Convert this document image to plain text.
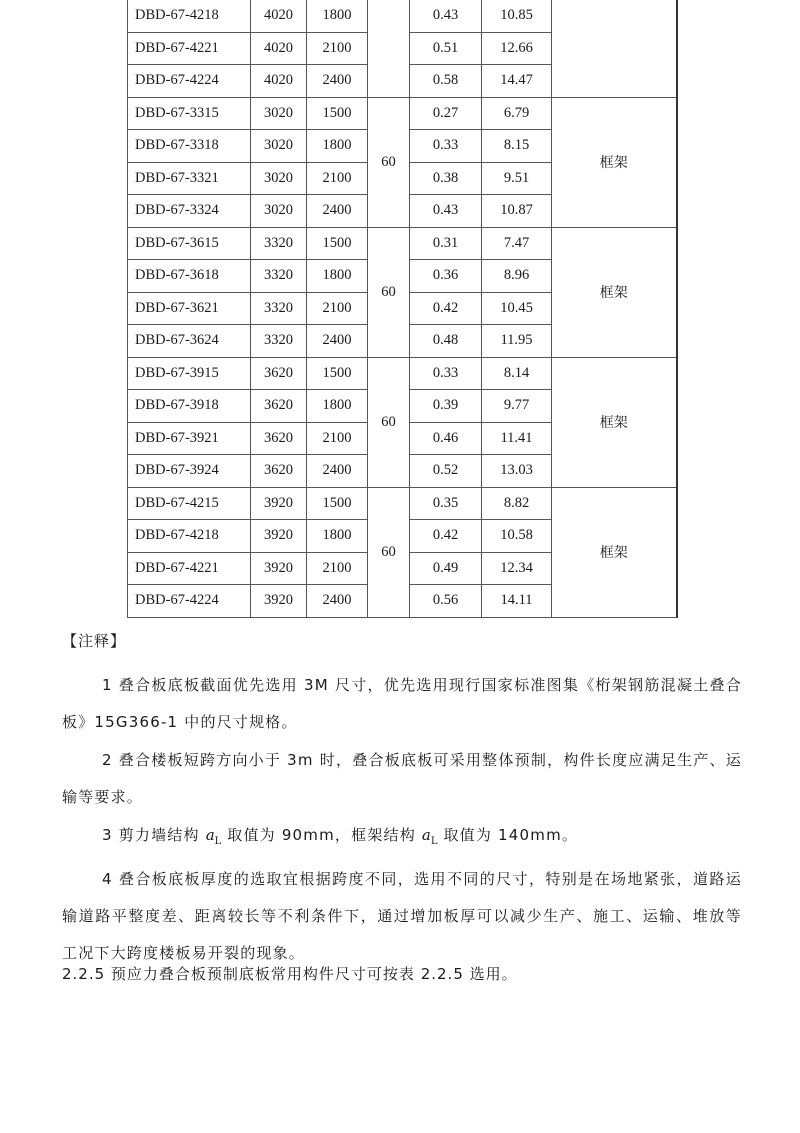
DBD-67-4218	4020	1800		0.43	10.85	
DBD-67-4221	4020	2100		0.51	12.66	
DBD-67-4224	4020	2400		0.58	14.47	
DBD-67-3315	3020	1500	60	0.27	6.79	框架
DBD-67-3318	3020	1800		0.33	8.15	
DBD-67-3321	3020	2100		0.38	9.51	
DBD-67-3324	3020	2400		0.43	10.87	
DBD-67-3615	3320	1500	60	0.31	7.47	框架
DBD-67-3618	3320	1800		0.36	8.96	
DBD-67-3621	3320	2100		0.42	10.45	
DBD-67-3624	3320	2400		0.48	11.95	
DBD-67-3915	3620	1500	60	0.33	8.14	框架
DBD-67-3918	3620	1800		0.39	9.77	
DBD-67-3921	3620	2100		0.46	11.41	
DBD-67-3924	3620	2400		0.52	13.03	
DBD-67-4215	3920	1500	60	0.35	8.82	框架
DBD-67-4218	3920	1800		0.42	10.58	
DBD-67-4221	3920	2100		0.49	12.34	
DBD-67-4224	3920	2400		0.56	14.11	

【注释】

1 叠合板底板截面优先选用 3M 尺寸，优先选用现行国家标准图集《桁架钢筋混凝土叠合板》15G366-1 中的尺寸规格。

2 叠合楼板短跨方向小于 3m 时，叠合板底板可采用整体预制，构件长度应满足生产、运输等要求。

3 剪力墙结构 $a_L$ 取值为 90mm，框架结构 $a_L$ 取值为 140mm。

4 叠合板底板厚度的选取宜根据跨度不同，选用不同的尺寸，特别是在场地紧张，道路运输道路平整度差、距离较长等不利条件下，通过增加板厚可以减少生产、施工、运输、堆放等工况下大跨度楼板易开裂的现象。

2.2.5 预应力叠合板预制底板常用构件尺寸可按表 2.2.5 选用。
